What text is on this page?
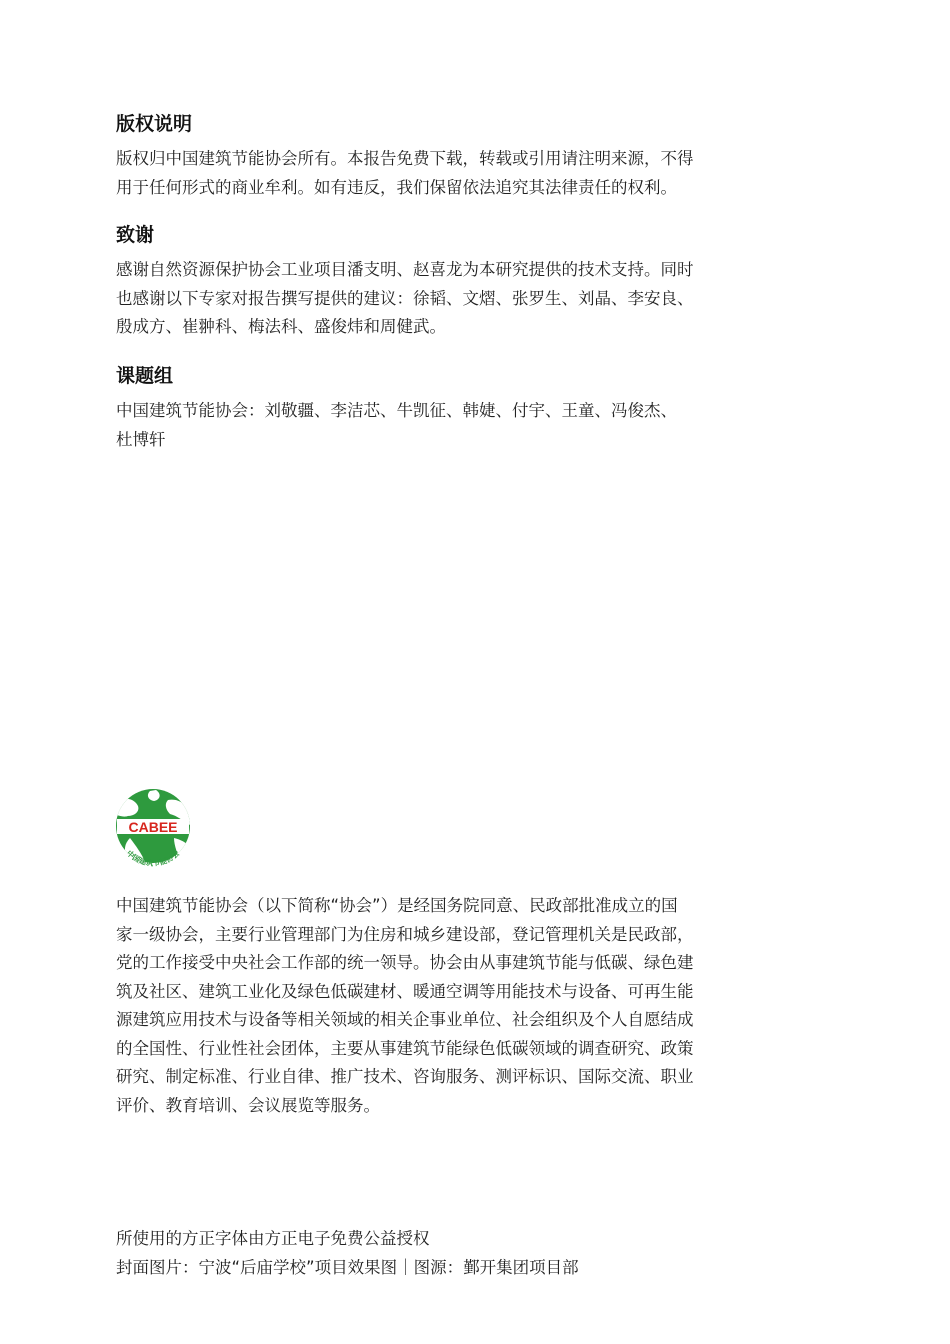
版权说明

版权归中国建筑节能协会所有。本报告免费下载，转载或引用请注明来源，不得
用于任何形式的商业牟利。如有违反，我们保留依法追究其法律责任的权利。

致谢

感谢自然资源保护协会工业项目潘支明、赵喜龙为本研究提供的技术支持。同时
也感谢以下专家对报告撰写提供的建议：徐韬、文熠、张罗生、刘晶、李安良、
殷成方、崔翀科、梅法科、盛俊炜和周健武。

课题组

中国建筑节能协会：刘敬疆、李洁芯、牛凯征、韩婕、付宇、王童、冯俊杰、
杜博轩

CABEE
中国建筑节能协会

中国建筑节能协会（以下简称“协会”）是经国务院同意、民政部批准成立的国
家一级协会，主要行业管理部门为住房和城乡建设部，登记管理机关是民政部，
党的工作接受中央社会工作部的统一领导。协会由从事建筑节能与低碳、绿色建
筑及社区、建筑工业化及绿色低碳建材、暖通空调等用能技术与设备、可再生能
源建筑应用技术与设备等相关领域的相关企事业单位、社会组织及个人自愿结成
的全国性、行业性社会团体，主要从事建筑节能绿色低碳领域的调查研究、政策
研究、制定标准、行业自律、推广技术、咨询服务、测评标识、国际交流、职业
评价、教育培训、会议展览等服务。

所使用的方正字体由方正电子免费公益授权
封面图片：宁波“后庙学校”项目效果图｜图源：鄞开集团项目部
